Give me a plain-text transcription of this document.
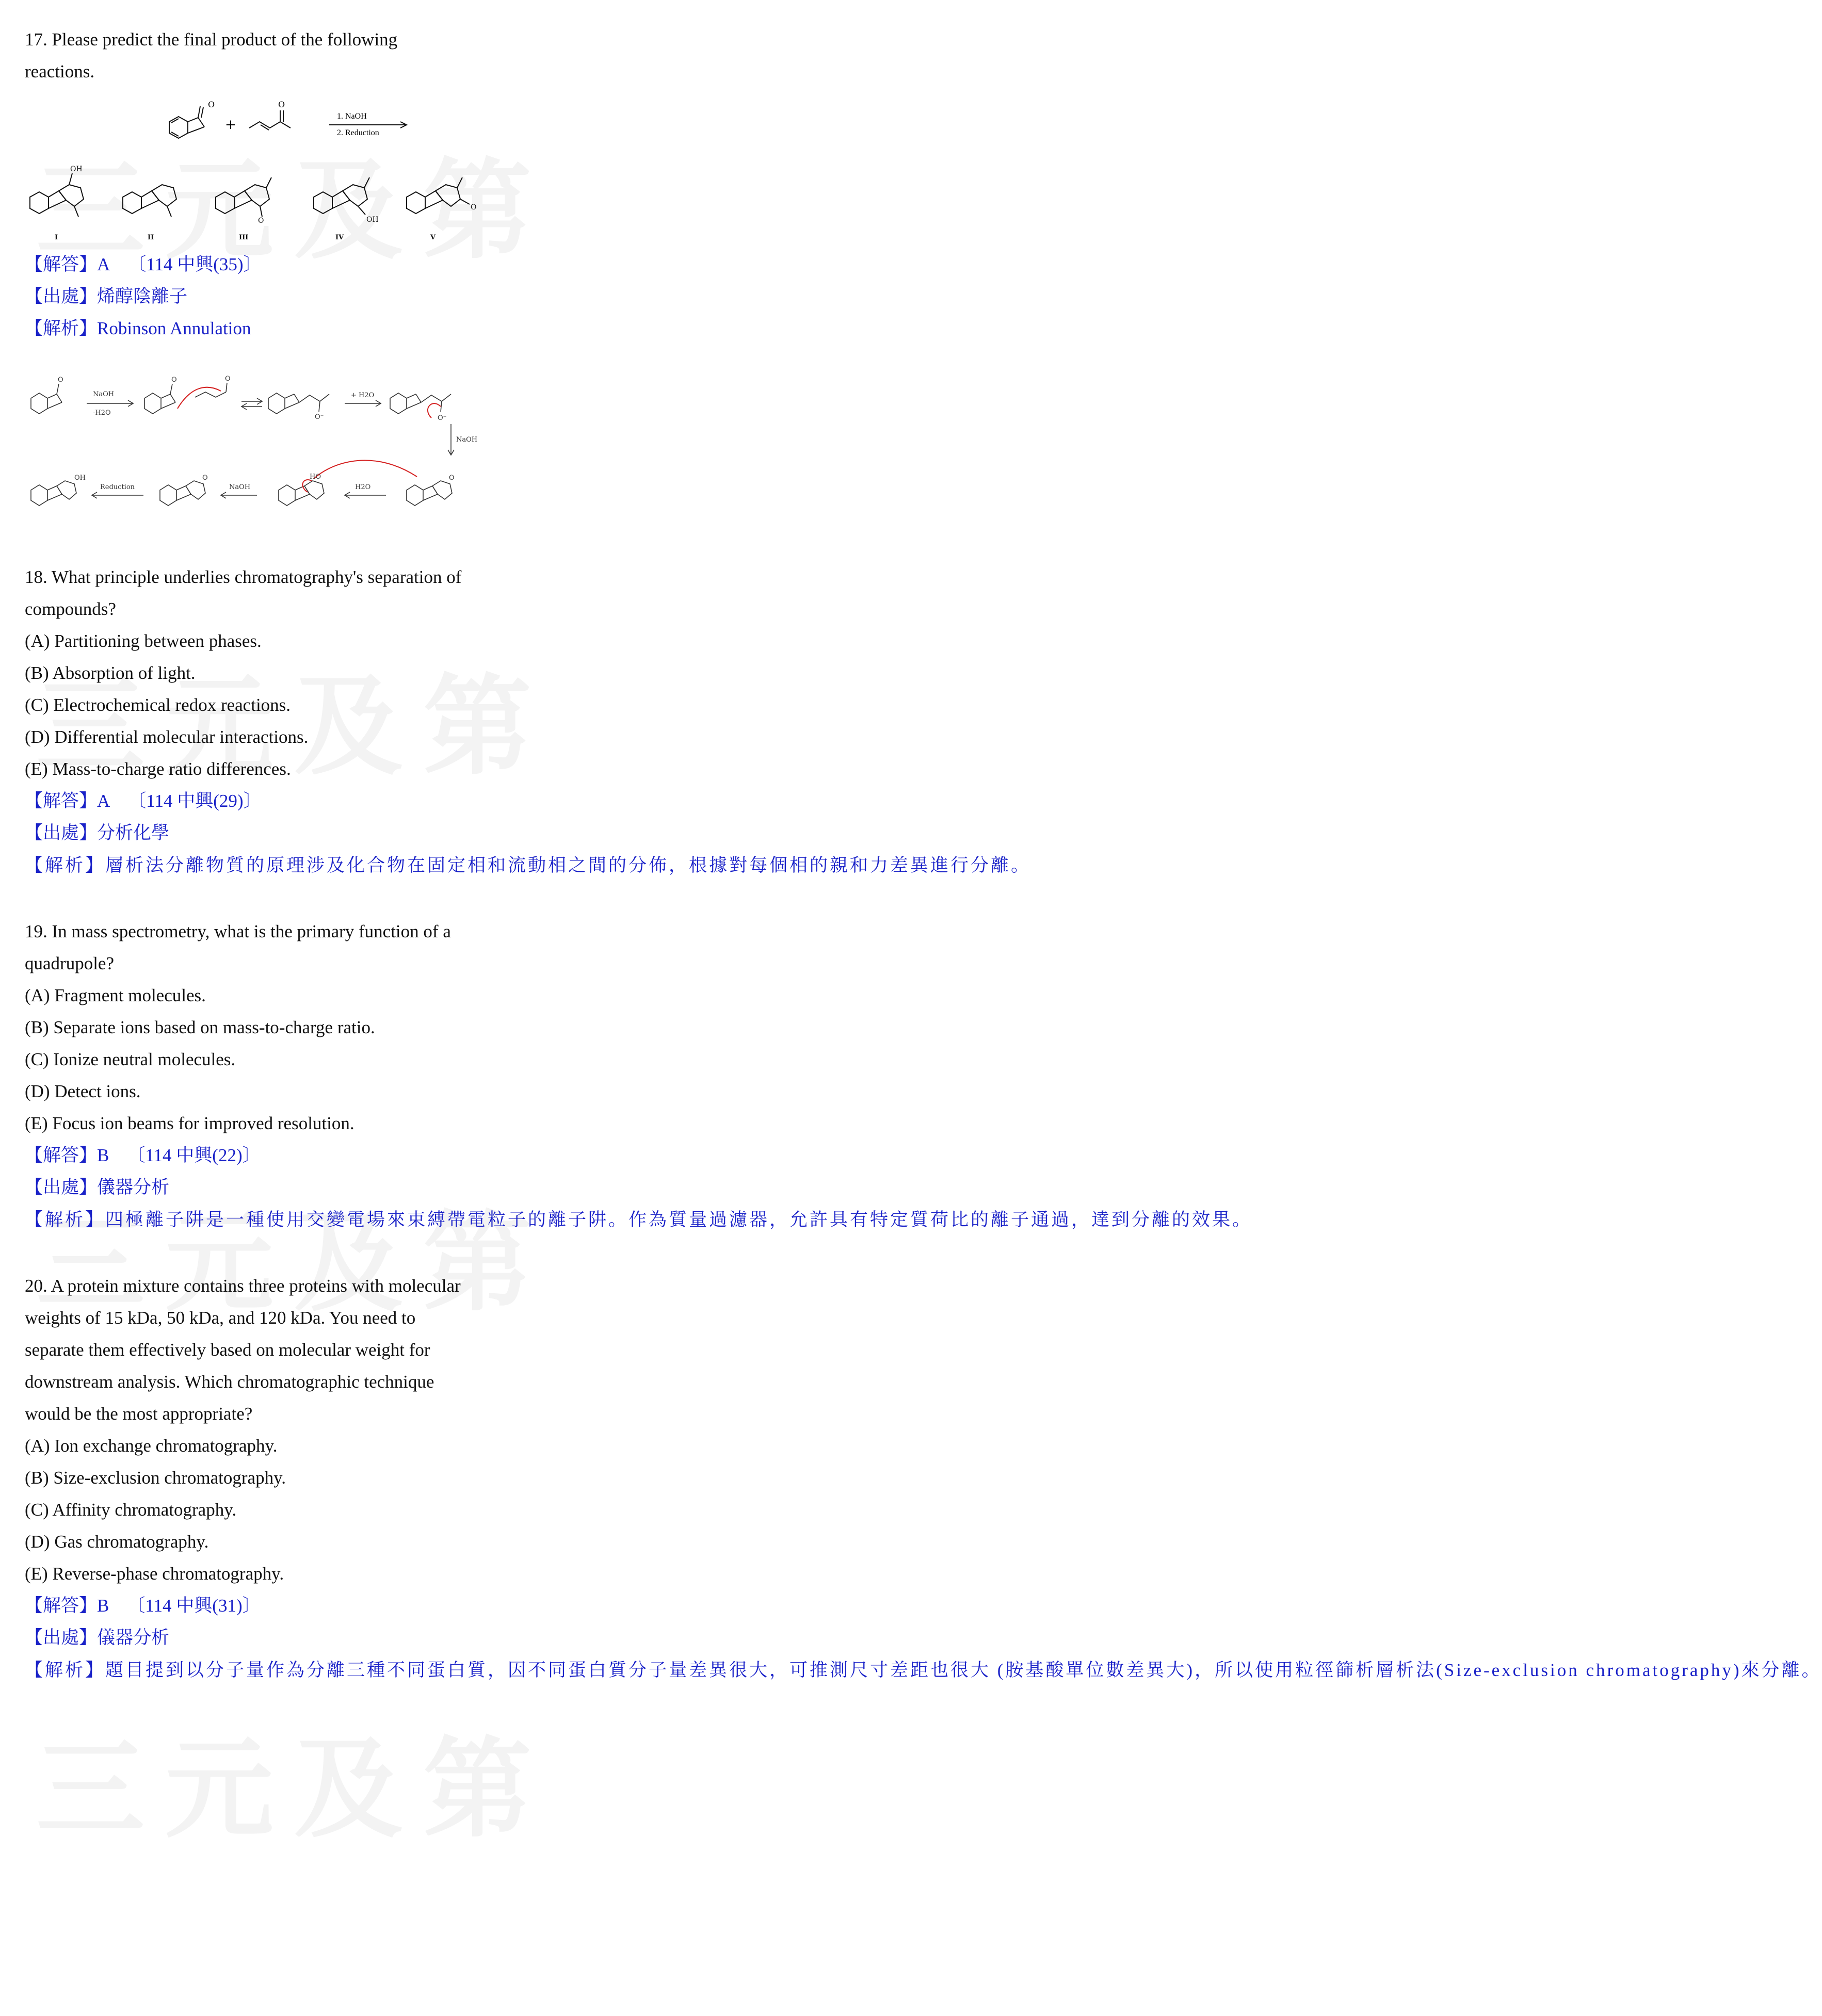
17. Please predict the final product of the following reactions.

O	O
+
1. NaOH
2. Reduction
OH
O	OH
O
I	II	III	IV	V

【解答】A 〔114 中興(35)〕

【出處】烯醇陰離子

【解析】Robinson Annulation

NaOH
-H2O
+ H2O
NaOH
H2O
NaOH
Reduction
O	O	O
O⁻	O⁻
OH	O	HO	O

18. What principle underlies chromatography's separation of compounds?

(A) Partitioning between phases.

(B) Absorption of light.

(C) Electrochemical redox reactions.

(D) Differential molecular interactions.

(E) Mass-to-charge ratio differences.

【解答】A 〔114 中興(29)〕

【出處】分析化學

【解析】層析法分離物質的原理涉及化合物在固定相和流動相之間的分佈，根據對每個相的親和力差異進行分離。

19. In mass spectrometry, what is the primary function of a quadrupole?

(A) Fragment molecules.

(B) Separate ions based on mass-to-charge ratio.

(C) Ionize neutral molecules.

(D) Detect ions.

(E) Focus ion beams for improved resolution.

【解答】B 〔114 中興(22)〕

【出處】儀器分析

【解析】四極離子阱是一種使用交變電場來束縛帶電粒子的離子阱。作為質量過濾器，允許具有特定質荷比的離子通過，達到分離的效果。

20. A protein mixture contains three proteins with molecular weights of 15 kDa, 50 kDa, and 120 kDa. You need to separate them effectively based on molecular weight for downstream analysis. Which chromatographic technique would be the most appropriate?

(A) Ion exchange chromatography.

(B) Size-exclusion chromatography.

(C) Affinity chromatography.

(D) Gas chromatography.

(E) Reverse-phase chromatography.

【解答】B 〔114 中興(31)〕

【出處】儀器分析

【解析】題目提到以分子量作為分離三種不同蛋白質，因不同蛋白質分子量差異很大，可推測尺寸差距也很大 (胺基酸單位數差異大)，所以使用粒徑篩析層析法(Size-exclusion chromatography)來分離。
